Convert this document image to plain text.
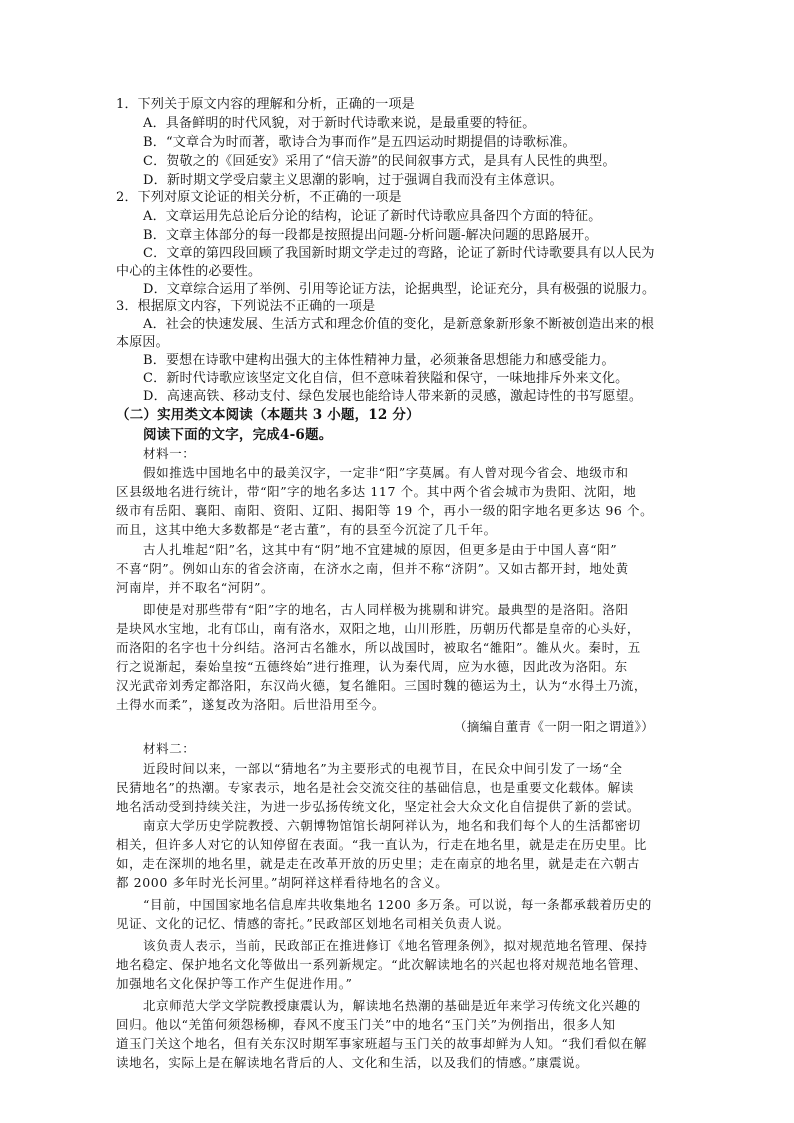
1．下列关于原文内容的理解和分析，正确的一项是
A．具备鲜明的时代风貌，对于新时代诗歌来说，是最重要的特征。
B．“文章合为时而著，歌诗合为事而作”是五四运动时期提倡的诗歌标准。
C．贺敬之的《回延安》采用了“信天游”的民间叙事方式，是具有人民性的典型。
D．新时期文学受启蒙主义思潮的影响，过于强调自我而没有主体意识。
2．下列对原文论证的相关分析，不正确的一项是
A．文章运用先总论后分论的结构，论证了新时代诗歌应具备四个方面的特征。
B．文章主体部分的每一段都是按照提出问题-分析问题-解决问题的思路展开。
C．文章的第四段回顾了我国新时期文学走过的弯路，论证了新时代诗歌要具有以人民为
中心的主体性的必要性。
D．文章综合运用了举例、引用等论证方法，论据典型，论证充分，具有极强的说服力。
3．根据原文内容，下列说法不正确的一项是
A．社会的快速发展、生活方式和理念价值的变化，是新意象新形象不断被创造出来的根
本原因。
B．要想在诗歌中建构出强大的主体性精神力量，必须兼备思想能力和感受能力。
C．新时代诗歌应该坚定文化自信，但不意味着狭隘和保守，一味地排斥外来文化。
D．高速高铁、移动支付、绿色发展也能给诗人带来新的灵感，激起诗性的书写愿望。
（二）实用类文本阅读（本题共 3 小题，12 分）
阅读下面的文字，完成4-6题。
材料一：
假如推选中国地名中的最美汉字，一定非“阳”字莫属。有人曾对现今省会、地级市和
区县级地名进行统计，带“阳”字的地名多达 117 个。其中两个省会城市为贵阳、沈阳，地
级市有岳阳、襄阳、南阳、资阳、辽阳、揭阳等 19 个，再小一级的阳字地名更多达 96 个。
而且，这其中绝大多数都是“老古董”，有的县至今沉淀了几千年。
古人扎堆起“阳”名，这其中有“阴”地不宜建城的原因，但更多是由于中国人喜“阳”
不喜“阴”。例如山东的省会济南，在济水之南，但并不称“济阴”。又如古都开封，地处黄
河南岸，并不取名“河阴”。
即使是对那些带有“阳”字的地名，古人同样极为挑剔和讲究。最典型的是洛阳。洛阳
是块风水宝地，北有邙山，南有洛水，双阳之地，山川形胜，历朝历代都是皇帝的心头好，
而洛阳的名字也十分纠结。洛河古名雒水，所以战国时，被取名“雒阳”。雒从火。秦时，五
行之说渐起，秦始皇按“五德终始”进行推理，认为秦代周，应为水德，因此改为洛阳。东
汉光武帝刘秀定都洛阳，东汉尚火德，复名雒阳。三国时魏的德运为土，认为“水得土乃流，
土得水而柔”，遂复改为洛阳。后世沿用至今。
（摘编自董青《一阴一阳之谓道》）
材料二：
近段时间以来，一部以“猜地名”为主要形式的电视节目，在民众中间引发了一场“全
民猜地名”的热潮。专家表示，地名是社会交流交往的基础信息，也是重要文化载体。解读
地名活动受到持续关注，为进一步弘扬传统文化，坚定社会大众文化自信提供了新的尝试。
南京大学历史学院教授、六朝博物馆馆长胡阿祥认为，地名和我们每个人的生活都密切
相关，但许多人对它的认知停留在表面。“我一直认为，行走在地名里，就是走在历史里。比
如，走在深圳的地名里，就是走在改革开放的历史里；走在南京的地名里，就是走在六朝古
都 2000 多年时光长河里。”胡阿祥这样看待地名的含义。
“目前，中国国家地名信息库共收集地名 1200 多万条。可以说，每一条都承载着历史的
见证、文化的记忆、情感的寄托。”民政部区划地名司相关负责人说。
该负责人表示，当前，民政部正在推进修订《地名管理条例》，拟对规范地名管理、保持
地名稳定、保护地名文化等做出一系列新规定。“此次解读地名的兴起也将对规范地名管理、
加强地名文化保护等工作产生促进作用。”
北京师范大学文学院教授康震认为，解读地名热潮的基础是近年来学习传统文化兴趣的
回归。他以“羌笛何须怨杨柳，春风不度玉门关”中的地名“玉门关”为例指出，很多人知
道玉门关这个地名，但有关东汉时期军事家班超与玉门关的故事却鲜为人知。“我们看似在解
读地名，实际上是在解读地名背后的人、文化和生活，以及我们的情感。”康震说。
